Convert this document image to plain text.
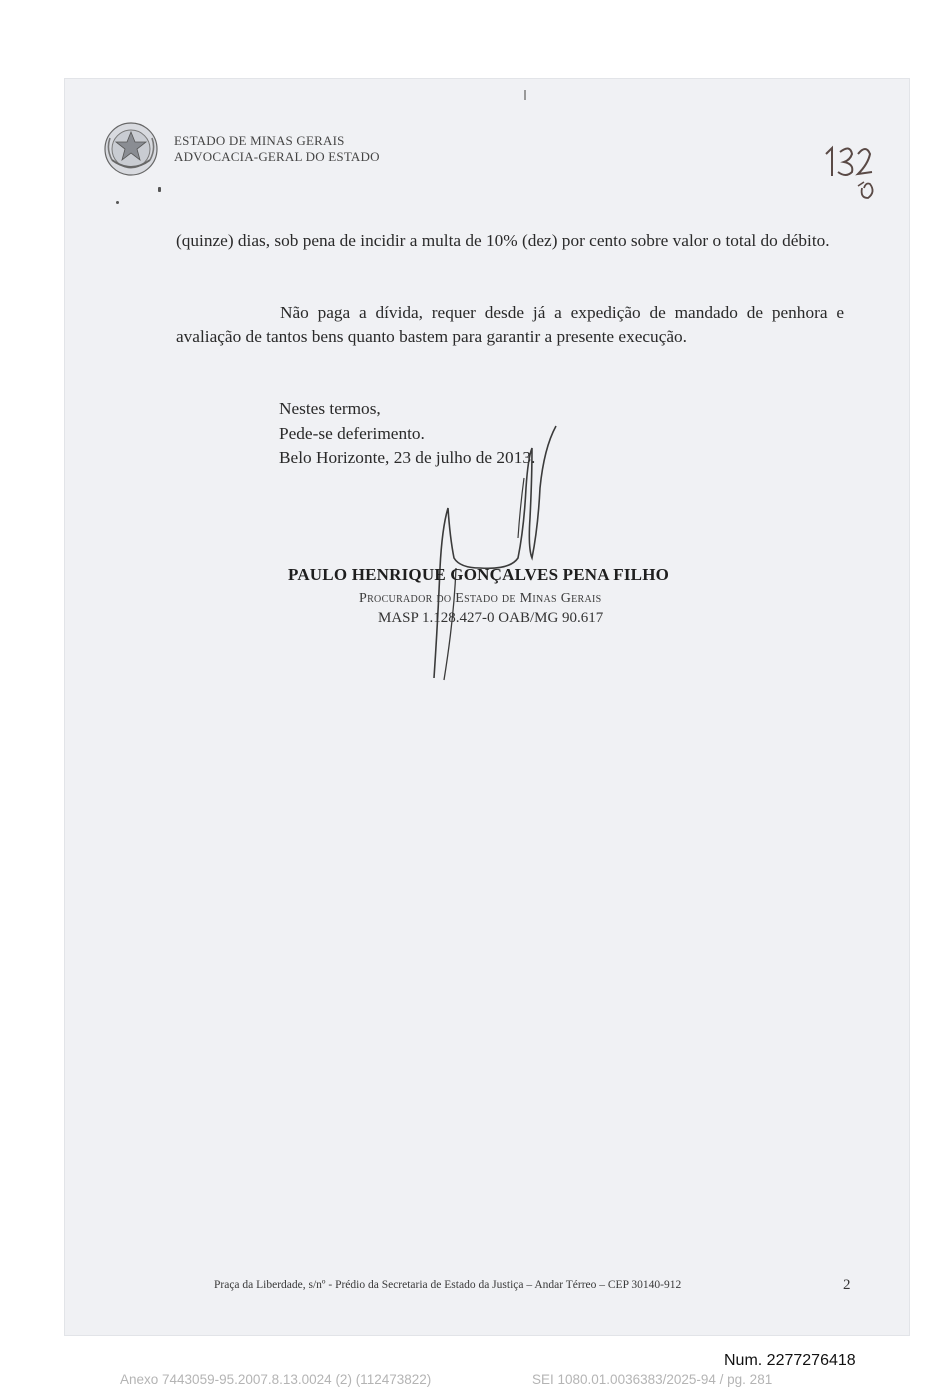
ESTADO DE MINAS GERAIS
ADVOCACIA-GERAL DO ESTADO
(quinze) dias, sob pena de incidir a multa de 10% (dez) por cento sobre valor o total do débito.
Não paga a dívida, requer desde já a expedição de mandado de penhora e avaliação de tantos bens quanto bastem para garantir a presente execução.
Nestes termos,
Pede-se deferimento.
Belo Horizonte, 23 de julho de 2013.
PAULO HENRIQUE GONÇALVES PENA FILHO
Procurador do Estado de Minas Gerais
MASP 1.128.427-0 OAB/MG 90.617
Praça da Liberdade, s/nº - Prédio da Secretaria de Estado da Justiça – Andar Térreo – CEP 30140-912	2
Num. 2277276418
Anexo 7443059-95.2007.8.13.0024 (2) (112473822)	SEI 1080.01.0036383/2025-94 / pg. 281
